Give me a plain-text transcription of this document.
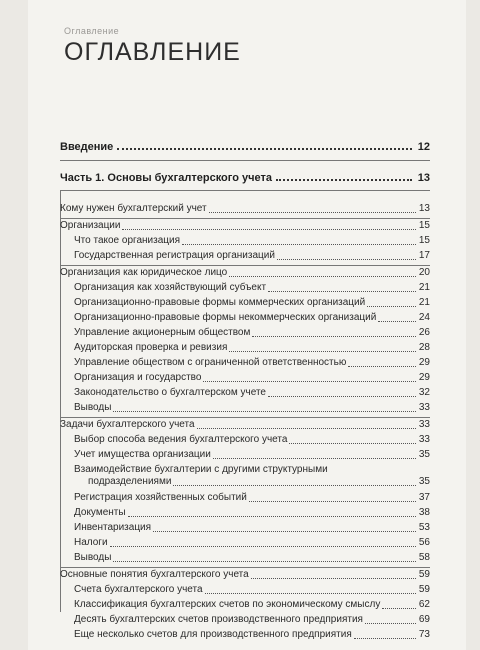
Оглавление
ОГЛАВЛЕНИЕ
Введение	12
Часть 1. Основы бухгалтерского учета	13
Кому нужен бухгалтерский учет	13
Организации	15
Что такое организация	15
Государственная регистрация организаций	17
Организация как юридическое лицо	20
Организация как хозяйствующий субъект	21
Организационно-правовые формы коммерческих организаций	21
Организационно-правовые формы некоммерческих организаций	24
Управление акционерным обществом	26
Аудиторская проверка и ревизия	28
Управление обществом с ограниченной ответственностью	29
Организация и государство	29
Законодательство о бухгалтерском учете	32
Выводы	33
Задачи бухгалтерского учета	33
Выбор способа ведения бухгалтерского учета	33
Учет имущества организации	35
Взаимодействие бухгалтерии с другими структурными
подразделениями	35
Регистрация хозяйственных событий	37
Документы	38
Инвентаризация	53
Налоги	56
Выводы	58
Основные понятия бухгалтерского учета	59
Счета бухгалтерского учета	59
Классификация бухгалтерских счетов по экономическому смыслу	62
Десять бухгалтерских счетов производственного предприятия	69
Еще несколько счетов для производственного предприятия	73
